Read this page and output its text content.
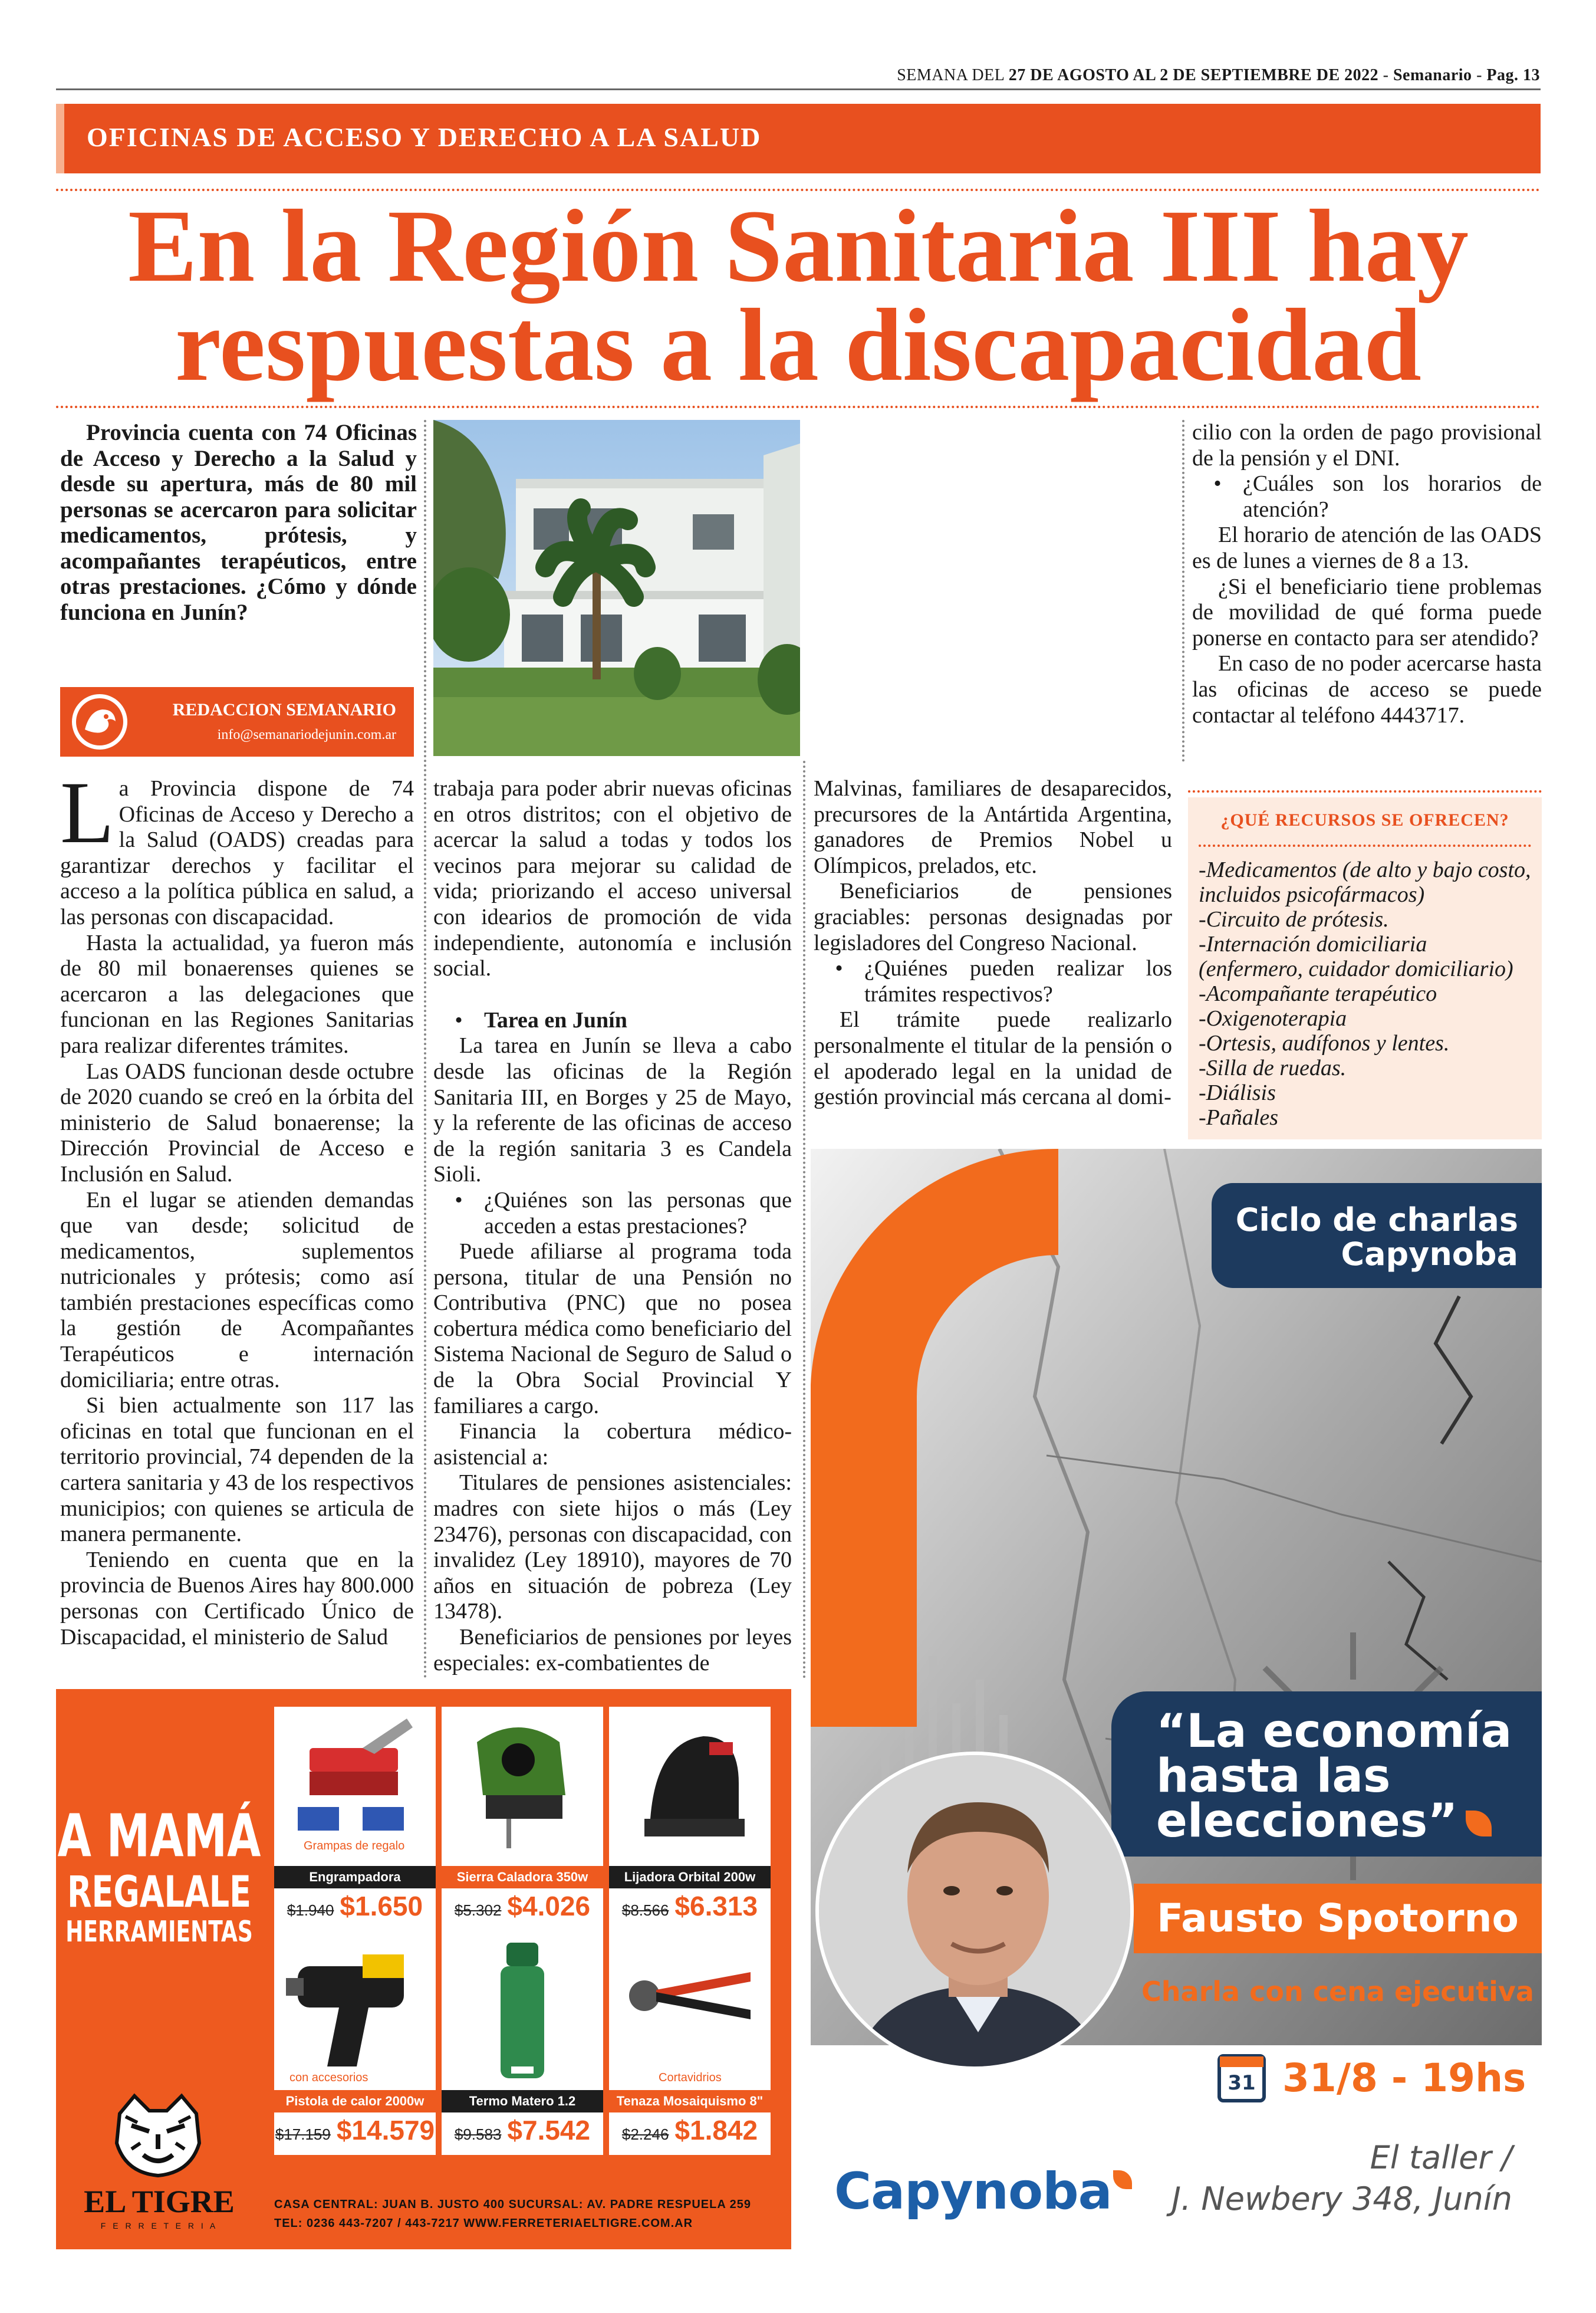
SEMANA DEL 27 DE AGOSTO AL 2 DE SEPTIEMBRE DE 2022 - Semanario - Pag. 13
OFICINAS DE ACCESO Y DERECHO A LA SALUD
En la Región Sanitaria III hay
respuestas a la discapacidad
Provincia cuenta con 74 Oficinas de Acceso y Derecho a la Salud y desde su apertura, más de 80 mil personas se acercaron para solicitar medicamentos, prótesis, y acompañantes terapéuticos, entre otras prestaciones. ¿Cómo y dónde funciona en Junín?
REDACCION SEMANARIO
info@semanariodejunin.com.ar
L a Provincia dispone de 74 Oficinas de Acceso y Derecho a la Salud (OADS) creadas para garantizar derechos y facilitar el acceso a la política pública en salud, a las personas con discapacidad.

Hasta la actualidad, ya fueron más de 80 mil bonaerenses quienes se acercaron a las delegaciones que funcionan en las Regiones Sanitarias para realizar diferentes trámites.

Las OADS funcionan desde octubre de 2020 cuando se creó en la órbita del ministerio de Salud bonaerense; la Dirección Provincial de Acceso e Inclusión en Salud.

En el lugar se atienden demandas que van desde; solicitud de medicamentos, suplementos nutricionales y prótesis; como así también prestaciones específicas como la gestión de Acompañantes Terapéuticos e internación domiciliaria; entre otras.

Si bien actualmente son 117 las oficinas en total que funcionan en el territorio provincial, 74 dependen de la cartera sanitaria y 43 de los respectivos municipios; con quienes se articula de manera permanente.

Teniendo en cuenta que en la provincia de Buenos Aires hay 800.000 personas con Certificado Único de Discapacidad, el ministerio de Salud

trabaja para poder abrir nuevas oficinas en otros distritos; con el objetivo de acercar la salud a todas y todos los vecinos para mejorar su calidad de vida; priorizando el acceso universal con idearios de promoción de vida independiente, autonomía e inclusión social.

• Tarea en Junín

La tarea en Junín se lleva a cabo desde las oficinas de la Región Sanitaria III, en Borges y 25 de Mayo, y la referente de las oficinas de acceso de la región sanitaria 3 es Candela Sioli.

• ¿Quiénes son las personas que acceden a estas prestaciones?

Puede afiliarse al programa toda persona, titular de una Pensión no Contributiva (PNC) que no posea cobertura médica como beneficiario del Sistema Nacional de Seguro de Salud o de la Obra Social Provincial Y familiares a cargo.

Financia la cobertura médico-asistencial a:

Titulares de pensiones asistenciales: madres con siete hijos o más (Ley 23476), personas con discapacidad, con invalidez (Ley 18910), mayores de 70 años en situación de pobreza (Ley 13478).

Beneficiarios de pensiones por leyes especiales: ex-combatientes de

Malvinas, familiares de desaparecidos, precursores de la Antártida Argentina, ganadores de Premios Nobel u Olímpicos, prelados, etc.

Beneficiarios de pensiones graciables: personas designadas por legisladores del Congreso Nacional.

• ¿Quiénes pueden realizar los trámites respectivos?

El trámite puede realizarlo personalmente el titular de la pensión o el apoderado legal en la unidad de gestión provincial más cercana al domi-

cilio con la orden de pago provisional de la pensión y el DNI.

• ¿Cuáles son los horarios de atención?

El horario de atención de las OADS es de lunes a viernes de 8 a 13.

¿Si el beneficiario tiene problemas de movilidad de qué forma puede ponerse en contacto para ser atendido?

En caso de no poder acercarse hasta las oficinas de acceso se puede contactar al teléfono 4443717.

¿QUÉ RECURSOS SE OFRECEN?
-Medicamentos (de alto y bajo costo, incluidos psicofármacos)
-Circuito de prótesis.
-Internación domiciliaria (enfermero, cuidador domiciliario)
-Acompañante terapéutico
-Oxigenoterapia
-Ortesis, audífonos y lentes.
-Silla de ruedas.
-Diálisis
-Pañales
Ciclo de charlas
Capynoba
“La economía
hasta las
elecciones”
Fausto Spotorno
Charla con cena ejecutiva
31 31/8 - 19hs
Capynoba
El taller /
J. Newbery 348, Junín
A MAMÁ
REGALALE
HERRAMIENTAS
EL TIGRE
F E R R E T E R I A
Grampas de regalo
Engrampadora
$1.940 $1.650
Sierra Caladora 350w
$5.302 $4.026
Lijadora Orbital 200w
$8.566 $6.313
con accesorios
Pistola de calor 2000w
$17.159 $14.579
Termo Matero 1.2
$9.583 $7.542
Cortavidrios
Tenaza Mosaiquismo 8"
$2.246 $1.842
CASA CENTRAL: JUAN B. JUSTO 400 SUCURSAL: AV. PADRE RESPUELA 259
TEL: 0236 443-7207 / 443-7217 WWW.FERRETERIAELTIGRE.COM.AR
